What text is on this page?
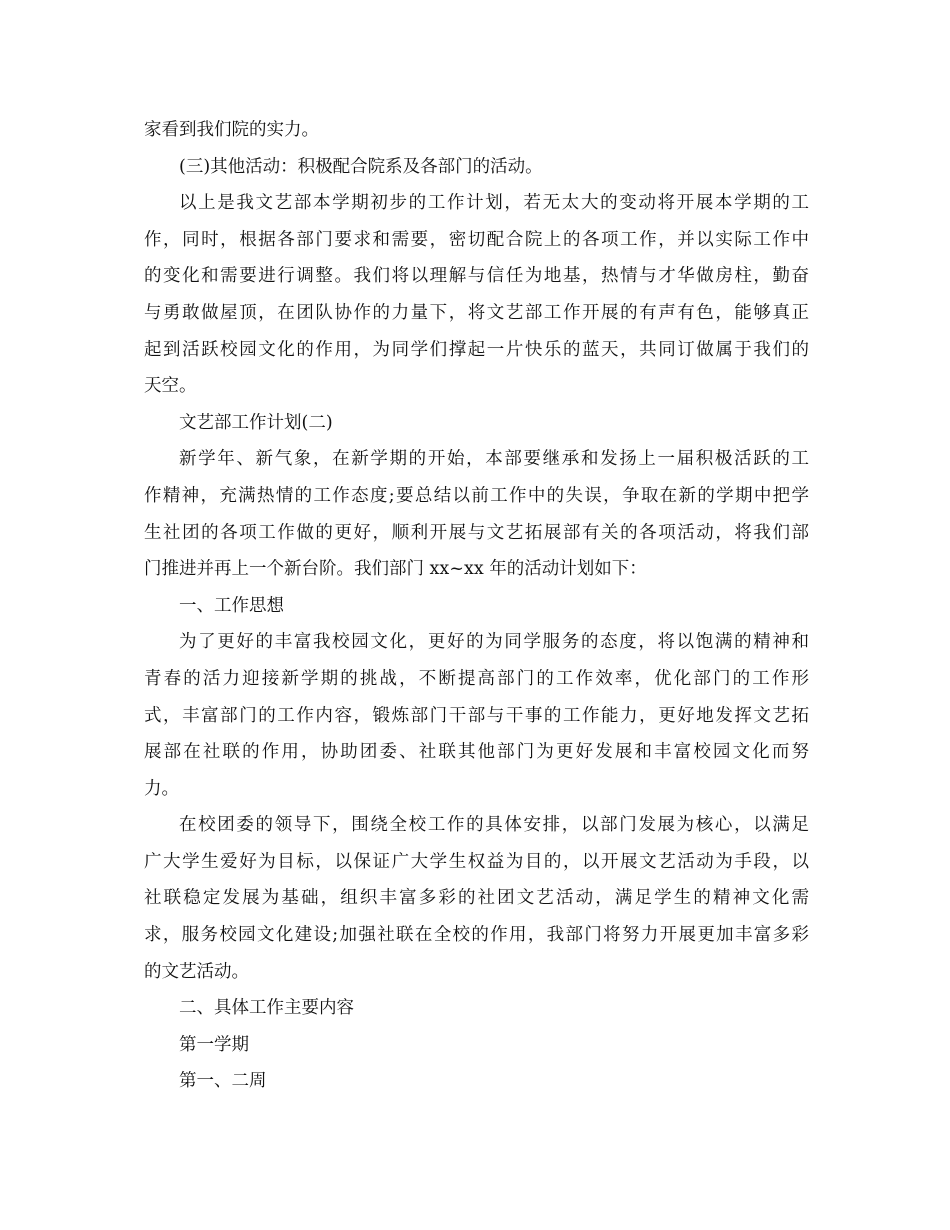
家看到我们院的实力。
(三)其他活动：积极配合院系及各部门的活动。
以上是我文艺部本学期初步的工作计划，若无太大的变动将开展本学期的工
作，同时，根据各部门要求和需要，密切配合院上的各项工作，并以实际工作中
的变化和需要进行调整。我们将以理解与信任为地基，热情与才华做房柱，勤奋
与勇敢做屋顶，在团队协作的力量下，将文艺部工作开展的有声有色，能够真正
起到活跃校园文化的作用，为同学们撑起一片快乐的蓝天，共同订做属于我们的
天空。
文艺部工作计划(二)
新学年、新气象，在新学期的开始，本部要继承和发扬上一届积极活跃的工
作精神，充满热情的工作态度;要总结以前工作中的失误，争取在新的学期中把学
生社团的各项工作做的更好，顺利开展与文艺拓展部有关的各项活动，将我们部
门推进并再上一个新台阶。我们部门 xx~xx 年的活动计划如下：
一、工作思想
为了更好的丰富我校园文化，更好的为同学服务的态度，将以饱满的精神和
青春的活力迎接新学期的挑战，不断提高部门的工作效率，优化部门的工作形
式，丰富部门的工作内容，锻炼部门干部与干事的工作能力，更好地发挥文艺拓
展部在社联的作用，协助团委、社联其他部门为更好发展和丰富校园文化而努
力。
在校团委的领导下，围绕全校工作的具体安排，以部门发展为核心，以满足
广大学生爱好为目标，以保证广大学生权益为目的，以开展文艺活动为手段，以
社联稳定发展为基础，组织丰富多彩的社团文艺活动，满足学生的精神文化需
求，服务校园文化建设;加强社联在全校的作用，我部门将努力开展更加丰富多彩
的文艺活动。
二、具体工作主要内容
第一学期
第一、二周
